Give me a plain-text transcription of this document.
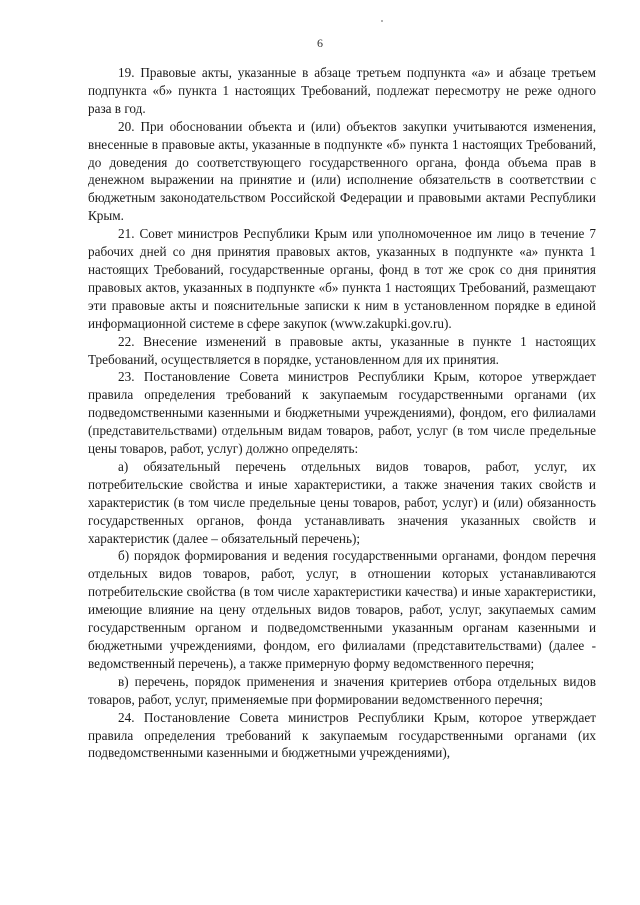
6

19. Правовые акты, указанные в абзаце третьем подпункта «а» и абзаце третьем подпункта «б» пункта 1 настоящих Требований, подлежат пересмотру не реже одного раза в год.

20. При обосновании объекта и (или) объектов закупки учитываются изменения, внесенные в правовые акты, указанные в подпункте «б» пункта 1 настоящих Требований, до доведения до соответствующего государственного органа, фонда объема прав в денежном выражении на принятие и (или) исполнение обязательств в соответствии с бюджетным законодательством Российской Федерации и правовыми актами Республики Крым.

21. Совет министров Республики Крым или уполномоченное им лицо в течение 7 рабочих дней со дня принятия правовых актов, указанных в подпункте «а» пункта 1 настоящих Требований, государственные органы, фонд в тот же срок со дня принятия правовых актов, указанных в подпункте «б» пункта 1 настоящих Требований, размещают эти правовые акты и пояснительные записки к ним в установленном порядке в единой информационной системе в сфере закупок (www.zakupki.gov.ru).

22. Внесение изменений в правовые акты, указанные в пункте 1 настоящих Требований, осуществляется в порядке, установленном для их принятия.

23. Постановление Совета министров Республики Крым, которое утверждает правила определения требований к закупаемым государственными органами (их подведомственными казенными и бюджетными учреждениями), фондом, его филиалами (представительствами) отдельным видам товаров, работ, услуг (в том числе предельные цены товаров, работ, услуг) должно определять:

а) обязательный перечень отдельных видов товаров, работ, услуг, их потребительские свойства и иные характеристики, а также значения таких свойств и характеристик (в том числе предельные цены товаров, работ, услуг) и (или) обязанность государственных органов, фонда устанавливать значения указанных свойств и характеристик (далее – обязательный перечень);

б) порядок формирования и ведения государственными органами, фондом перечня отдельных видов товаров, работ, услуг, в отношении которых устанавливаются потребительские свойства (в том числе характеристики качества) и иные характеристики, имеющие влияние на цену отдельных видов товаров, работ, услуг, закупаемых самим государственным органом и подведомственными указанным органам казенными и бюджетными учреждениями, фондом, его филиалами (представительствами) (далее - ведомственный перечень), а также примерную форму ведомственного перечня;

в) перечень, порядок применения и значения критериев отбора отдельных видов товаров, работ, услуг, применяемые при формировании ведомственного перечня;

24. Постановление Совета министров Республики Крым, которое утверждает правила определения требований к закупаемым государственными органами (их подведомственными казенными и бюджетными учреждениями),
